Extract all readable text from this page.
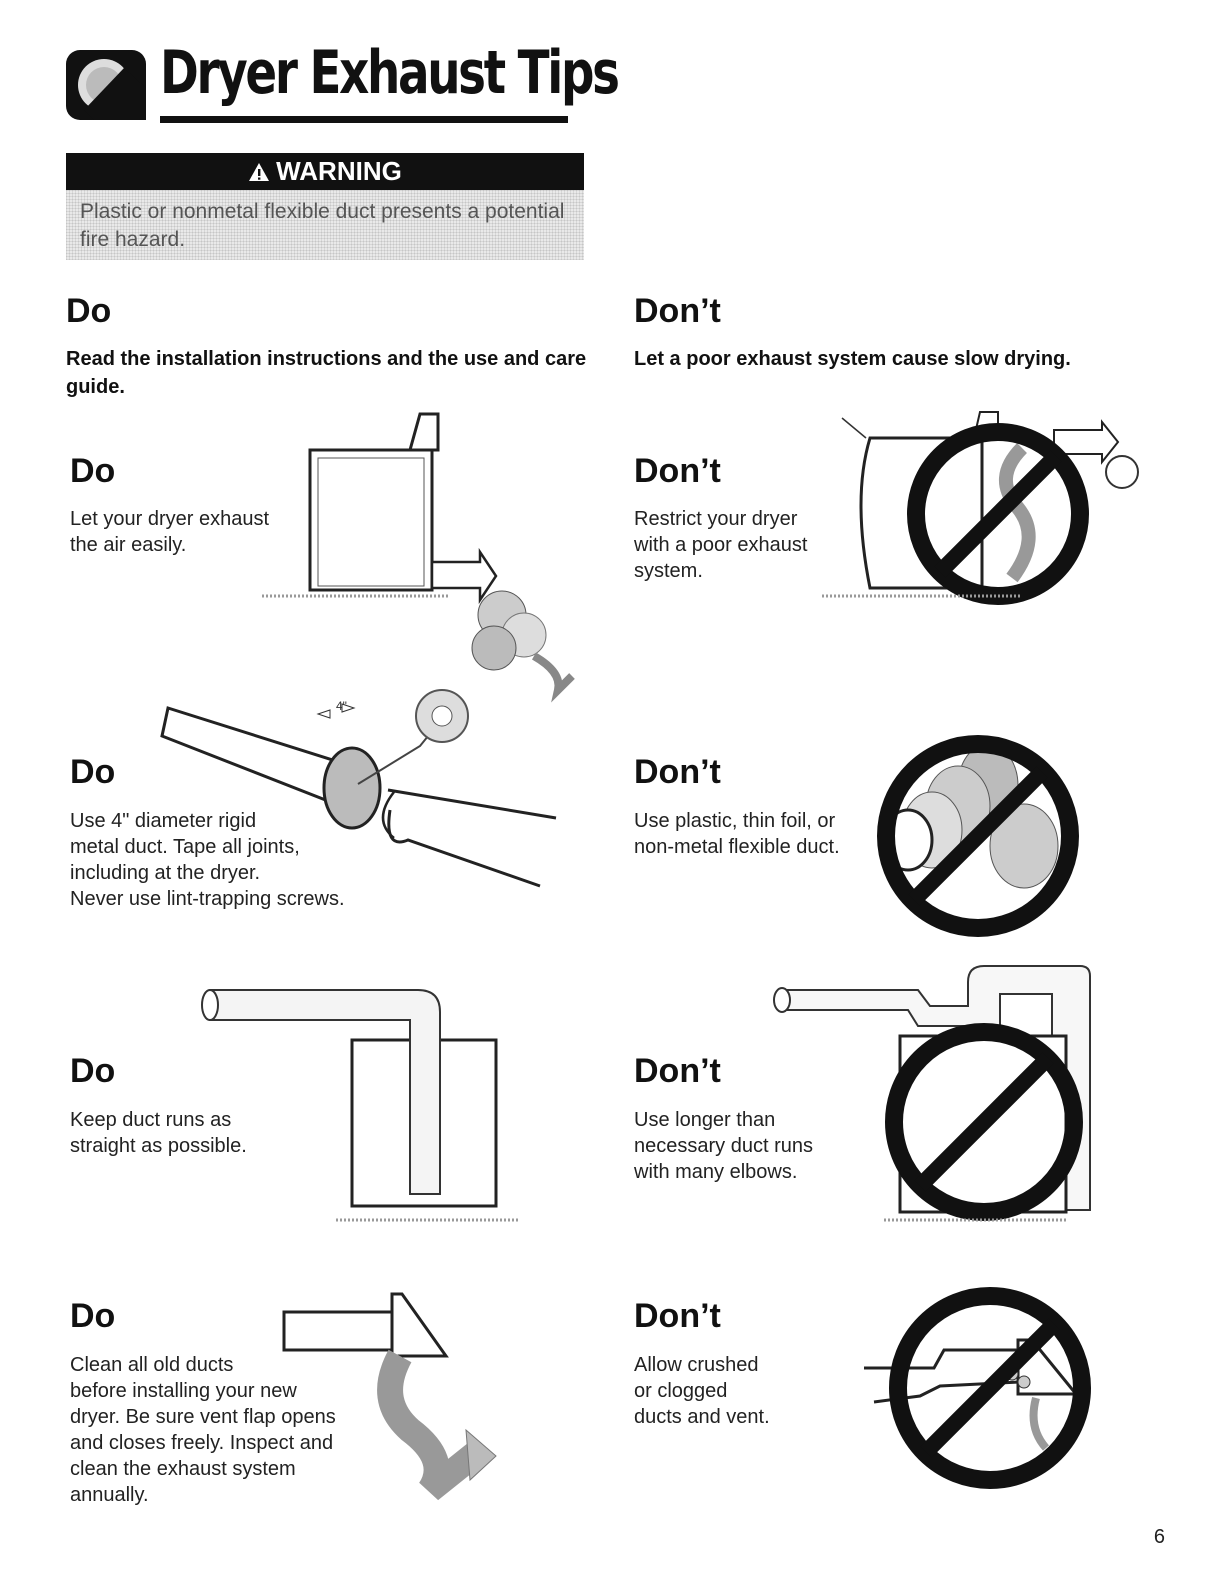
Dryer Exhaust Tips
WARNING
Plastic or nonmetal flexible duct presents a potential fire hazard.
Do
Read the installation instructions and the use and care guide.
Don’t
Let a poor exhaust system cause slow drying.
Do
Let your dryer exhaust
the air easily.
Don’t
Restrict your dryer
with a poor exhaust
system.
Do
Use 4" diameter rigid
metal duct. Tape all joints,
including at the dryer.
Never use lint-trapping screws.
4"
Don’t
Use plastic, thin foil, or
non-metal flexible duct.
Do
Keep duct runs as
straight as possible.
Don’t
Use longer than
necessary duct runs
with many elbows.
Do
Clean all old ducts
before installing your new
dryer. Be sure vent flap opens
and closes freely. Inspect and
clean the exhaust system
annually.
Don’t
Allow crushed
or clogged
ducts and vent.
6
